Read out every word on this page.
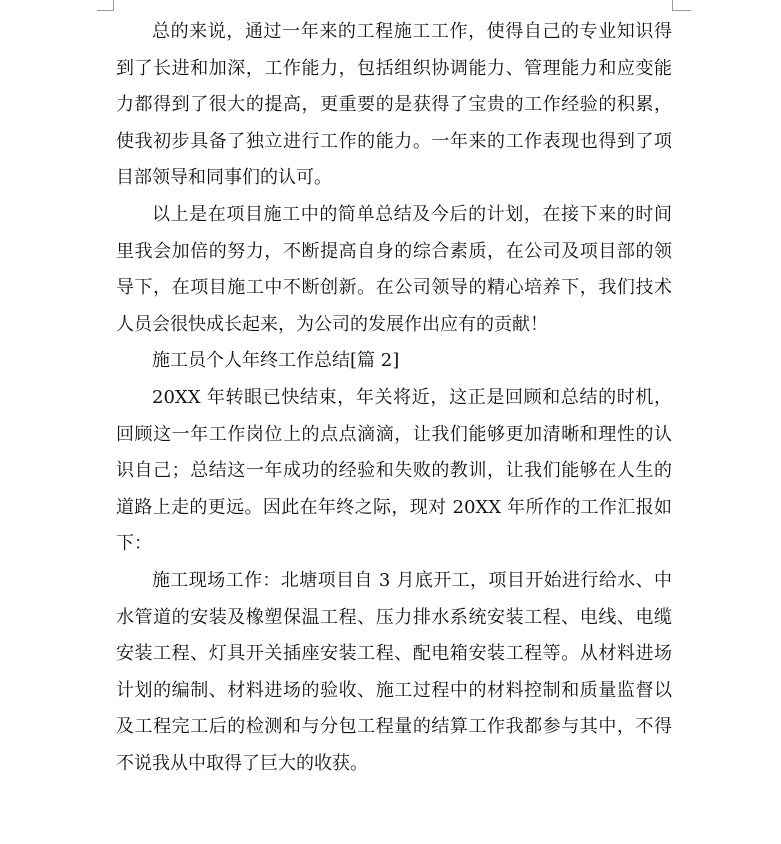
总的来说，通过一年来的工程施工工作，使得自己的专业知识得到了长进和加深，工作能力，包括组织协调能力、管理能力和应变能力都得到了很大的提高，更重要的是获得了宝贵的工作经验的积累，使我初步具备了独立进行工作的能力。一年来的工作表现也得到了项目部领导和同事们的认可。

以上是在项目施工中的简单总结及今后的计划，在接下来的时间里我会加倍的努力，不断提高自身的综合素质，在公司及项目部的领导下，在项目施工中不断创新。在公司领导的精心培养下，我们技术人员会很快成长起来，为公司的发展作出应有的贡献！

施工员个人年终工作总结[篇 2]

20XX 年转眼已快结束，年关将近，这正是回顾和总结的时机，回顾这一年工作岗位上的点点滴滴，让我们能够更加清晰和理性的认识自己；总结这一年成功的经验和失败的教训，让我们能够在人生的道路上走的更远。因此在年终之际，现对 20XX 年所作的工作汇报如下：

施工现场工作：北塘项目自 3 月底开工，项目开始进行给水、中水管道的安装及橡塑保温工程、压力排水系统安装工程、电线、电缆安装工程、灯具开关插座安装工程、配电箱安装工程等。从材料进场计划的编制、材料进场的验收、施工过程中的材料控制和质量监督以及工程完工后的检测和与分包工程量的结算工作我都参与其中，不得不说我从中取得了巨大的收获。
